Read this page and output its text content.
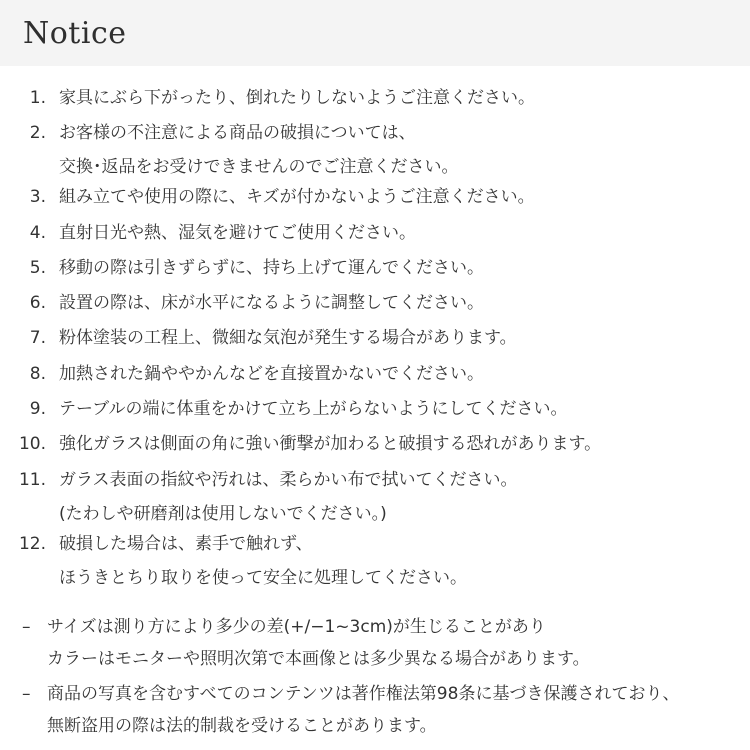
Notice
1. 家具にぶら下がったり、倒れたりしないようご注意ください。
2. お客様の不注意による商品の破損については、
交換･返品をお受けできませんのでご注意ください。
3. 組み立てや使用の際に、キズが付かないようご注意ください。
4. 直射日光や熱、湿気を避けてご使用ください。
5. 移動の際は引きずらずに、持ち上げて運んでください。
6. 設置の際は、床が水平になるように調整してください。
7. 粉体塗装の工程上、微細な気泡が発生する場合があります。
8. 加熱された鍋ややかんなどを直接置かないでください。
9. テーブルの端に体重をかけて立ち上がらないようにしてください。
10. 強化ガラスは側面の角に強い衝撃が加わると破損する恐れがあります。
11. ガラス表面の指紋や汚れは、柔らかい布で拭いてください。
(たわしや研磨剤は使用しないでください。)
12. 破損した場合は、素手で触れず、
ほうきとちり取りを使って安全に処理してください。
– サイズは測り方により多少の差(+/−1~3cm)が生じることがあり
カラーはモニターや照明次第で本画像とは多少異なる場合があります。
– 商品の写真を含むすべてのコンテンツは著作権法第98条に基づき保護されており、
無断盗用の際は法的制裁を受けることがあります。
